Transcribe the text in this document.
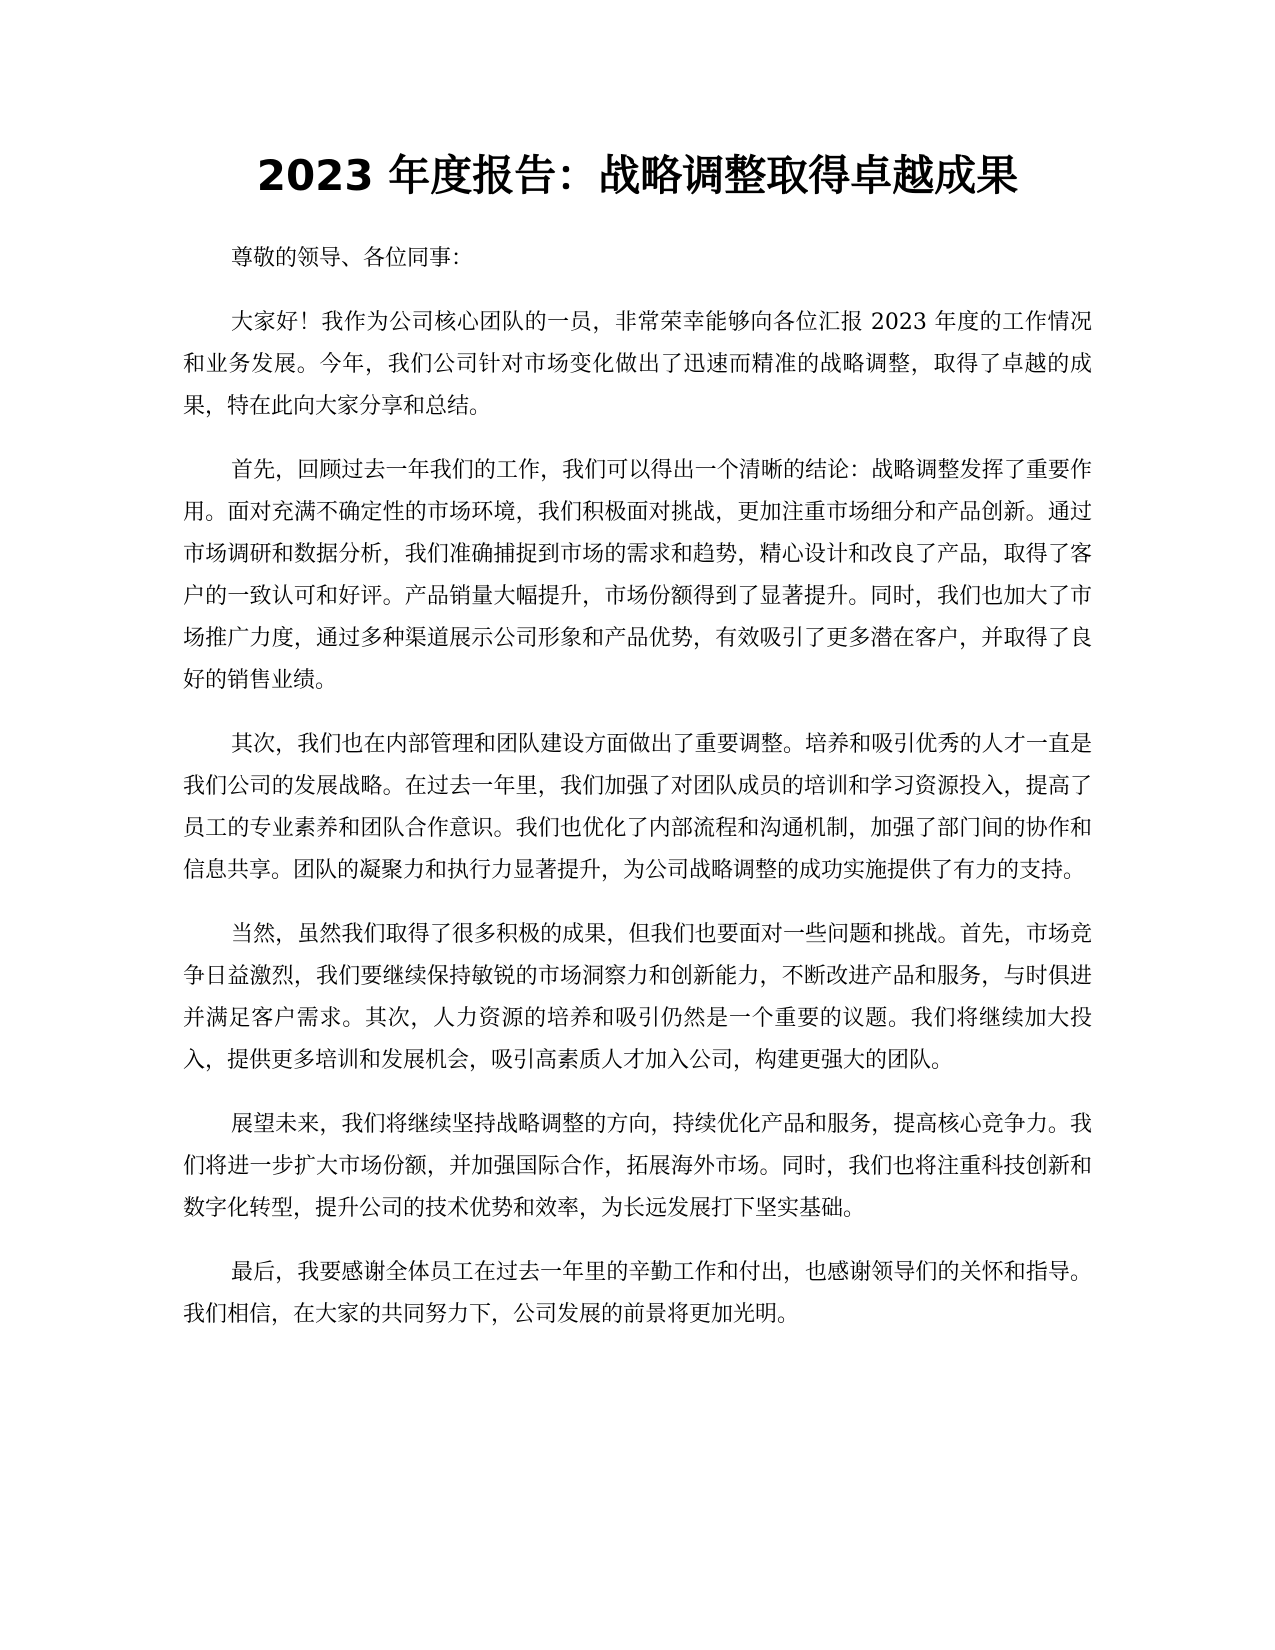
2023 年度报告：战略调整取得卓越成果

尊敬的领导、各位同事：

大家好！我作为公司核心团队的一员，非常荣幸能够向各位汇报 2023 年度的工作情况和业务发展。今年，我们公司针对市场变化做出了迅速而精准的战略调整，取得了卓越的成果，特在此向大家分享和总结。

首先，回顾过去一年我们的工作，我们可以得出一个清晰的结论：战略调整发挥了重要作用。面对充满不确定性的市场环境，我们积极面对挑战，更加注重市场细分和产品创新。通过市场调研和数据分析，我们准确捕捉到市场的需求和趋势，精心设计和改良了产品，取得了客户的一致认可和好评。产品销量大幅提升，市场份额得到了显著提升。同时，我们也加大了市场推广力度，通过多种渠道展示公司形象和产品优势，有效吸引了更多潜在客户，并取得了良好的销售业绩。

其次，我们也在内部管理和团队建设方面做出了重要调整。培养和吸引优秀的人才一直是我们公司的发展战略。在过去一年里，我们加强了对团队成员的培训和学习资源投入，提高了员工的专业素养和团队合作意识。我们也优化了内部流程和沟通机制，加强了部门间的协作和信息共享。团队的凝聚力和执行力显著提升，为公司战略调整的成功实施提供了有力的支持。

当然，虽然我们取得了很多积极的成果，但我们也要面对一些问题和挑战。首先，市场竞争日益激烈，我们要继续保持敏锐的市场洞察力和创新能力，不断改进产品和服务，与时俱进并满足客户需求。其次，人力资源的培养和吸引仍然是一个重要的议题。我们将继续加大投入，提供更多培训和发展机会，吸引高素质人才加入公司，构建更强大的团队。

展望未来，我们将继续坚持战略调整的方向，持续优化产品和服务，提高核心竞争力。我们将进一步扩大市场份额，并加强国际合作，拓展海外市场。同时，我们也将注重科技创新和数字化转型，提升公司的技术优势和效率，为长远发展打下坚实基础。

最后，我要感谢全体员工在过去一年里的辛勤工作和付出，也感谢领导们的关怀和指导。我们相信，在大家的共同努力下，公司发展的前景将更加光明。
